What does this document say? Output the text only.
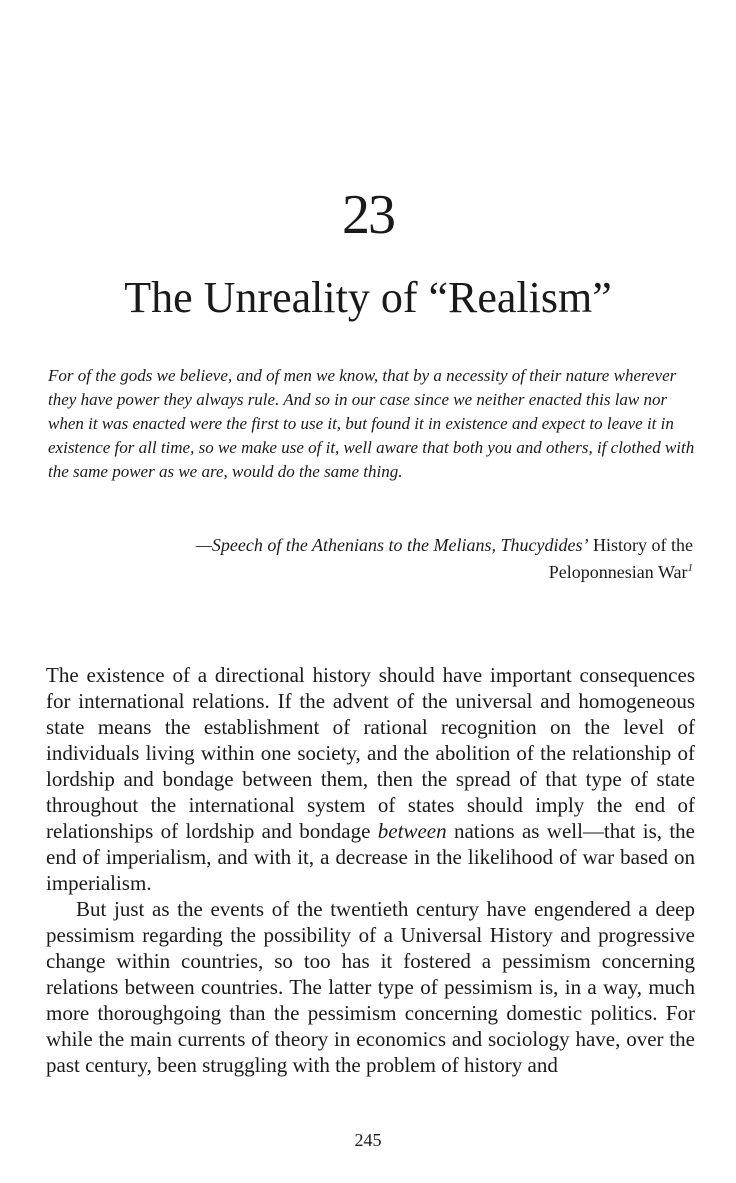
23
The Unreality of “Realism”

For of the gods we believe, and of men we know, that by a necessity of their nature wherever they have power they always rule. And so in our case since we neither enacted this law nor when it was enacted were the first to use it, but found it in existence and expect to leave it in existence for all time, so we make use of it, well aware that both you and others, if clothed with the same power as we are, would do the same thing.

—Speech of the Athenians to the Melians, Thucydides’ History of the Peloponnesian War$^1$

The existence of a directional history should have important consequences for international relations. If the advent of the universal and homogeneous state means the establishment of rational recognition on the level of individuals living within one society, and the abolition of the relationship of lordship and bondage between them, then the spread of that type of state throughout the international system of states should imply the end of relationships of lordship and bondage between nations as well—that is, the end of imperialism, and with it, a decrease in the likelihood of war based on imperialism.

But just as the events of the twentieth century have engendered a deep pessimism regarding the possibility of a Universal History and progressive change within countries, so too has it fostered a pessimism concerning relations between countries. The latter type of pessimism is, in a way, much more thoroughgoing than the pessimism concerning domestic politics. For while the main currents of theory in economics and sociology have, over the past century, been struggling with the problem of history and

245
